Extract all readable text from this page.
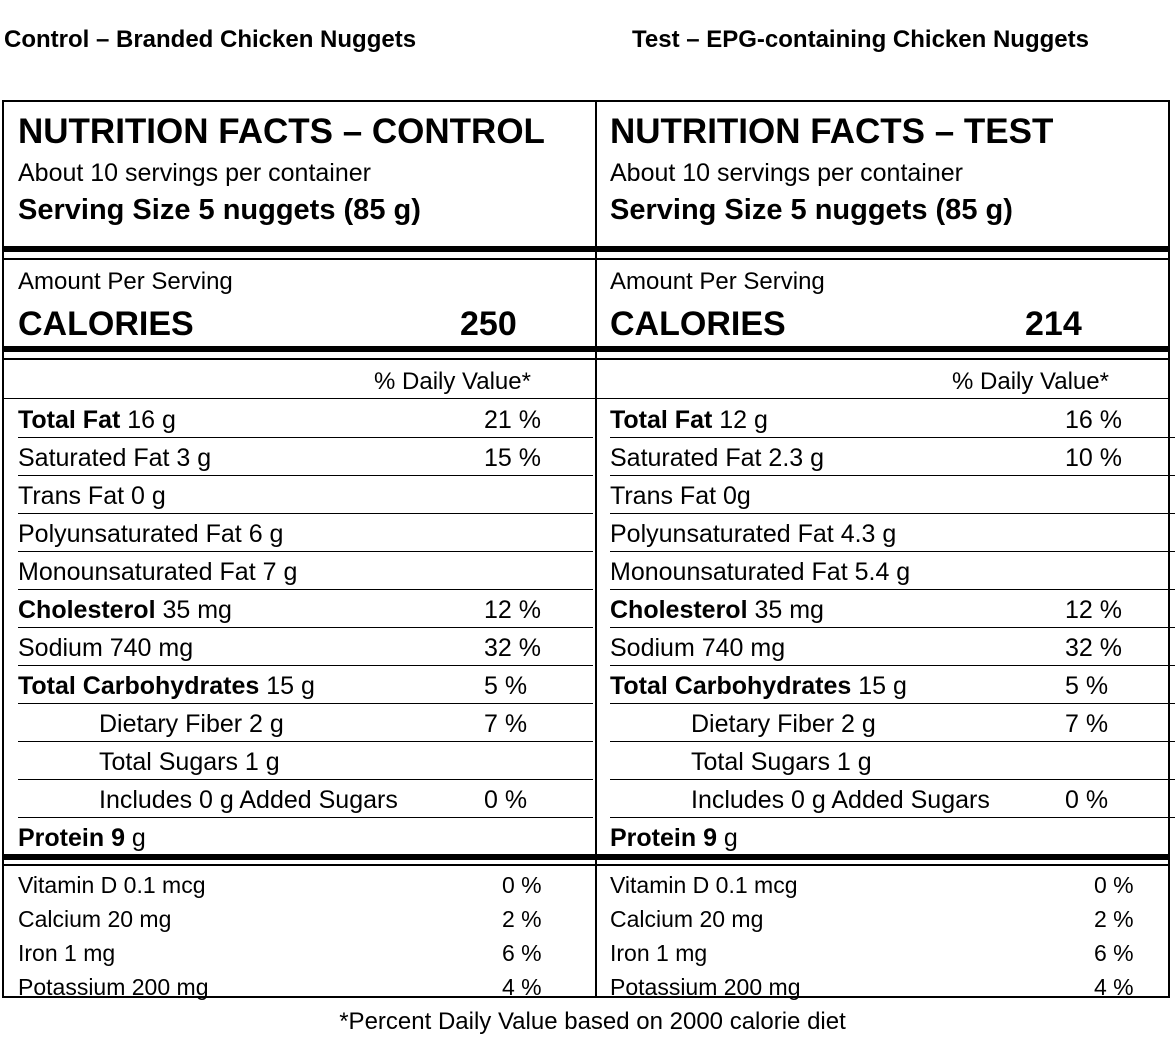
Control – Branded Chicken Nuggets	Test – EPG-containing Chicken Nuggets
NUTRITION FACTS – CONTROL
About 10 servings per container
Serving Size 5 nuggets (85 g)
Amount Per Serving
CALORIES	250
% Daily Value*
Total Fat 16 g	21 %
Saturated Fat 3 g	15 %
Trans Fat 0 g
Polyunsaturated Fat 6 g
Monounsaturated Fat 7 g
Cholesterol 35 mg	12 %
Sodium 740 mg	32 %
Total Carbohydrates 15 g	5 %
Dietary Fiber 2 g	7 %
Total Sugars 1 g
Includes 0 g Added Sugars	0 %
Protein 9 g
Vitamin D 0.1 mcg	0 %
Calcium 20 mg	2 %
Iron 1 mg	6 %
Potassium 200 mg	4 %
NUTRITION FACTS – TEST
About 10 servings per container
Serving Size 5 nuggets (85 g)
Amount Per Serving
CALORIES	214
% Daily Value*
Total Fat 12 g	16 %
Saturated Fat 2.3 g	10 %
Trans Fat 0g
Polyunsaturated Fat 4.3 g
Monounsaturated Fat 5.4 g
Cholesterol 35 mg	12 %
Sodium 740 mg	32 %
Total Carbohydrates 15 g	5 %
Dietary Fiber 2 g	7 %
Total Sugars 1 g
Includes 0 g Added Sugars	0 %
Protein 9 g
Vitamin D 0.1 mcg	0 %
Calcium 20 mg	2 %
Iron 1 mg	6 %
Potassium 200 mg	4 %
*Percent Daily Value based on 2000 calorie diet
